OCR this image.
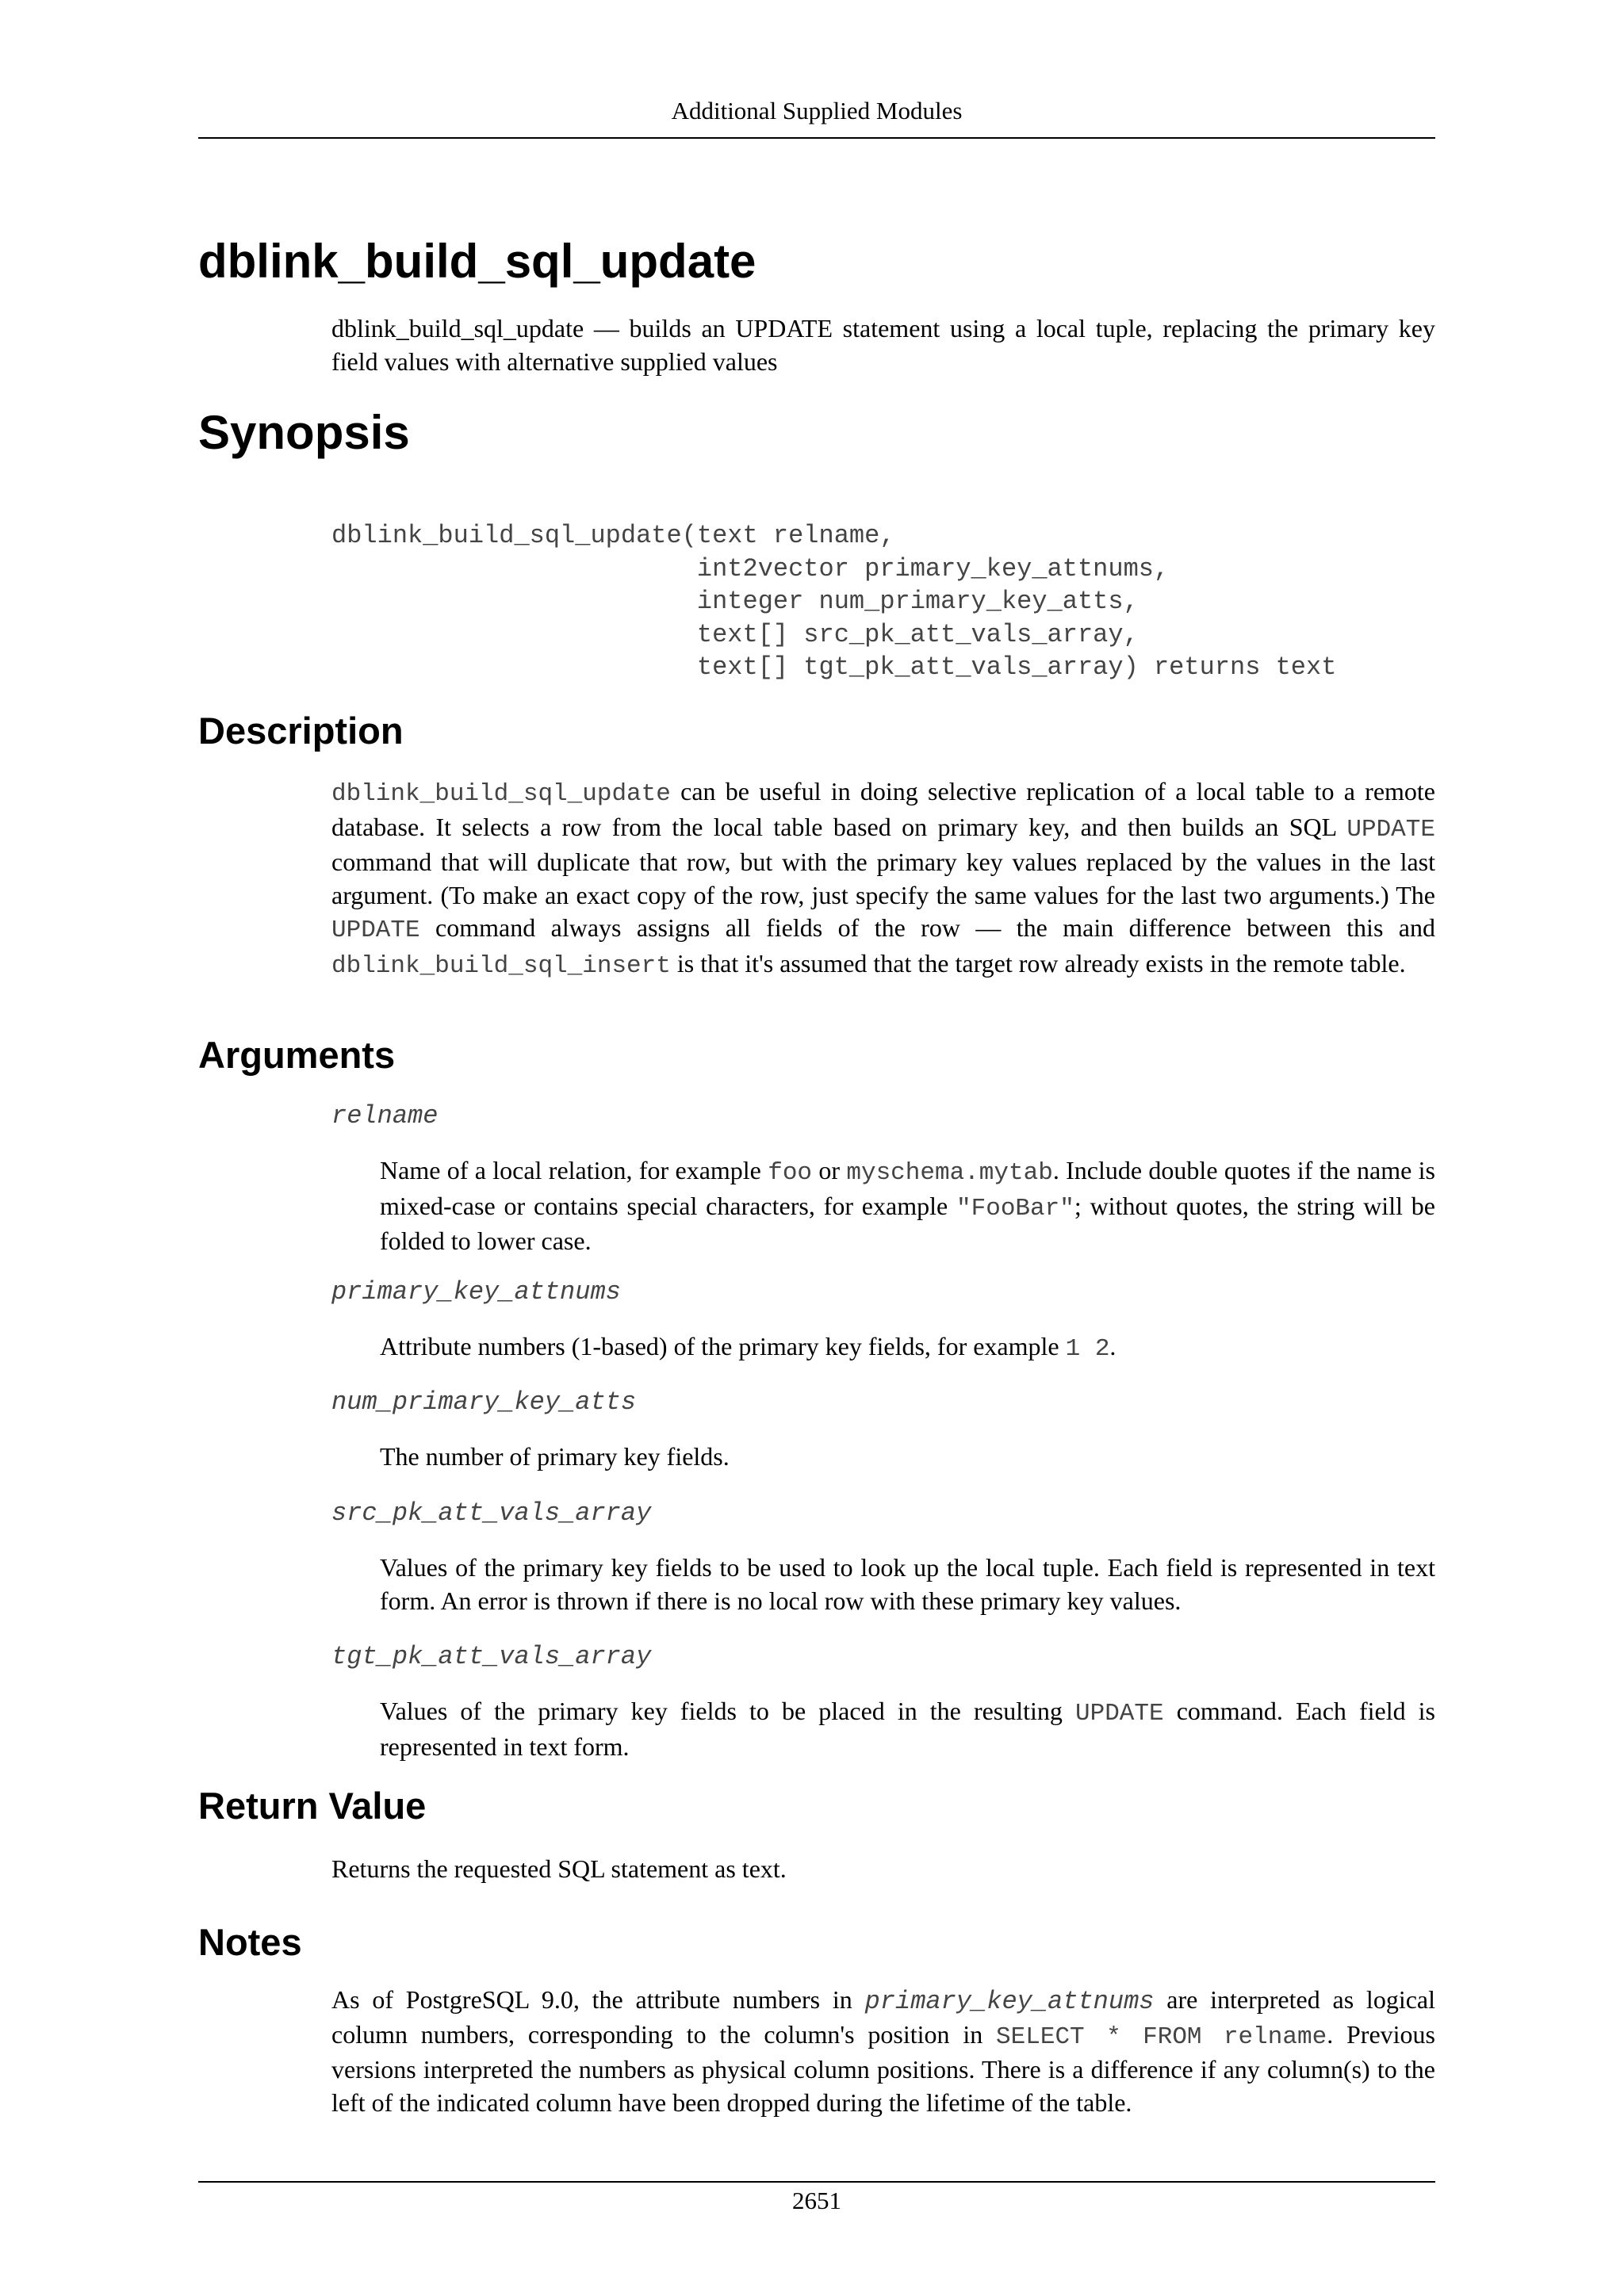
Additional Supplied Modules
dblink_build_sql_update

dblink_build_sql_update — builds an UPDATE statement using a local tuple, replacing the primary key field values with alternative supplied values

Synopsis
dblink_build_sql_update(text relname,
int2vector primary_key_attnums,
integer num_primary_key_atts,
text[] src_pk_att_vals_array,
text[] tgt_pk_att_vals_array) returns text
Description

dblink_build_sql_update can be useful in doing selective replication of a local table to a remote database. It selects a row from the local table based on primary key, and then builds an SQL UPDATE command that will duplicate that row, but with the primary key values replaced by the values in the last argument. (To make an exact copy of the row, just specify the same values for the last two arguments.) The UPDATE command always assigns all fields of the row — the main difference between this and dblink_build_sql_insert is that it's assumed that the target row already exists in the remote table.

Arguments
relname

Name of a local relation, for example foo or myschema.mytab. Include double quotes if the name is mixed-case or contains special characters, for example "FooBar"; without quotes, the string will be folded to lower case.

primary_key_attnums

Attribute numbers (1-based) of the primary key fields, for example 1 2.

num_primary_key_atts

The number of primary key fields.

src_pk_att_vals_array

Values of the primary key fields to be used to look up the local tuple. Each field is represented in text form. An error is thrown if there is no local row with these primary key values.

tgt_pk_att_vals_array

Values of the primary key fields to be placed in the resulting UPDATE command. Each field is represented in text form.

Return Value

Returns the requested SQL statement as text.

Notes

As of PostgreSQL 9.0, the attribute numbers in primary_key_attnums are interpreted as logical column numbers, corresponding to the column's position in SELECT * FROM relname. Previous versions interpreted the numbers as physical column positions. There is a difference if any column(s) to the left of the indicated column have been dropped during the lifetime of the table.

2651
